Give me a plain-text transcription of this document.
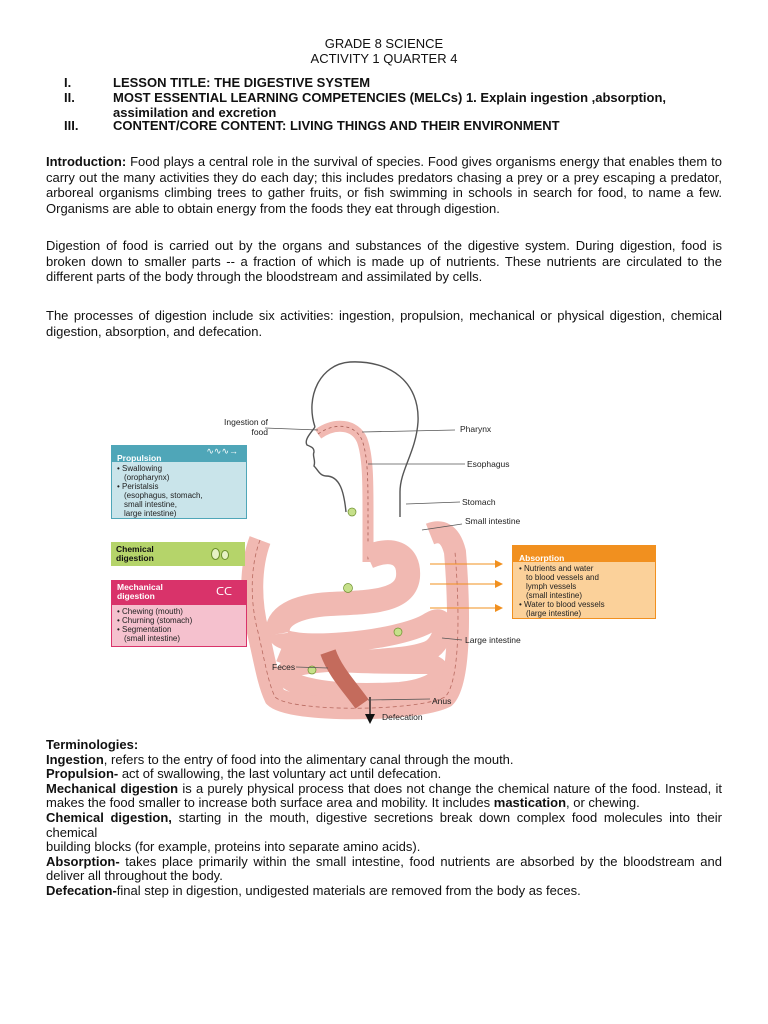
GRADE 8 SCIENCE
ACTIVITY 1 QUARTER 4
I.	LESSON TITLE: THE DIGESTIVE SYSTEM
II.	MOST ESSENTIAL LEARNING COMPETENCIES (MELCs) 1. Explain ingestion ,absorption, assimilation and excretion
III.	CONTENT/CORE CONTENT: LIVING THINGS AND THEIR ENVIRONMENT
Introduction: Food plays a central role in the survival of species. Food gives organisms energy that enables them to carry out the many activities they do each day; this includes predators chasing a prey or a prey escaping a predator, arboreal organisms climbing trees to gather fruits, or fish swimming in schools in search for food, to name a few. Organisms are able to obtain energy from the foods they eat through digestion.
Digestion of food is carried out by the organs and substances of the digestive system. During digestion, food is broken down to smaller parts -- a fraction of which is made up of nutrients. These nutrients are circulated to the different parts of the body through the bloodstream and assimilated by cells.
The processes of digestion include six activities: ingestion, propulsion, mechanical or physical digestion, chemical digestion, absorption, and defecation.
Ingestion of food	Pharynx
Esophagus
Stomach
Small intestine
Large intestine
Feces
Anus
Defecation
Propulsion
∿∿∿→
• Swallowing
(oropharynx)
• Peristalsis
(esophagus, stomach,
small intestine,
large intestine)
Chemical
digestion
Mechanical
digestion	ᑕᑕ
• Chewing (mouth)
• Churning (stomach)
• Segmentation
(small intestine)
Absorption
• Nutrients and water
to blood vessels and
lymph vessels
(small intestine)
• Water to blood vessels
(large intestine)
Terminologies:
Ingestion, refers to the entry of food into the alimentary canal through the mouth.
Propulsion- act of swallowing, the last voluntary act until defecation.
Mechanical digestion is a purely physical process that does not change the chemical nature of the food. Instead, it makes the food smaller to increase both surface area and mobility. It includes mastication, or chewing.
Chemical digestion, starting in the mouth, digestive secretions break down complex food molecules into their chemical
building blocks (for example, proteins into separate amino acids).
Absorption- takes place primarily within the small intestine, food nutrients are absorbed by the bloodstream and deliver all throughout the body.
Defecation-final step in digestion, undigested materials are removed from the body as feces.
